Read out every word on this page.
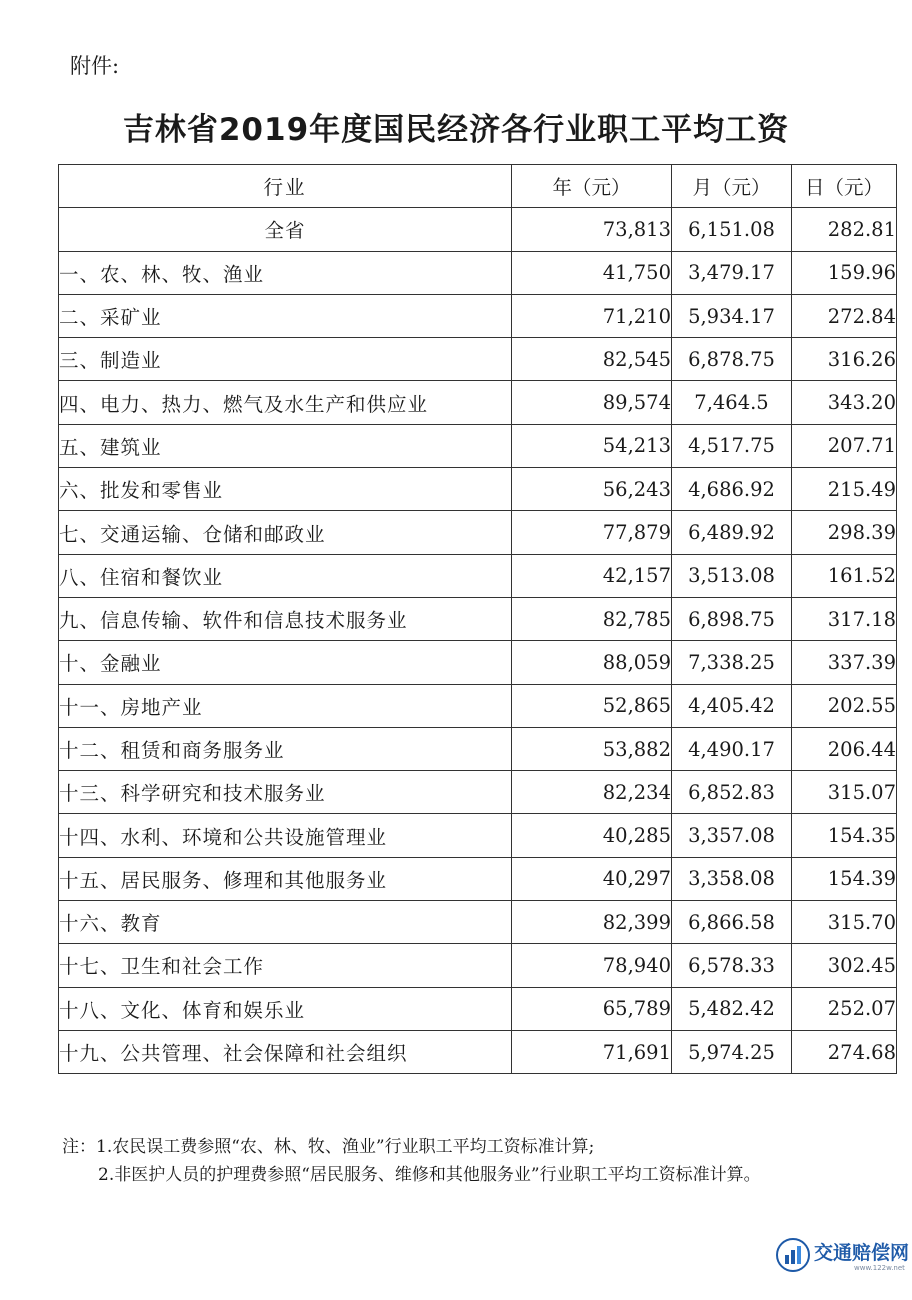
附件:
吉林省2019年度国民经济各行业职工平均工资
行业	年（元）	月（元）	日（元）
全省	73,813	6,151.08	282.81
一、农、林、牧、渔业	41,750	3,479.17	159.96
二、采矿业	71,210	5,934.17	272.84
三、制造业	82,545	6,878.75	316.26
四、电力、热力、燃气及水生产和供应业	89,574	7,464.5	343.20
五、建筑业	54,213	4,517.75	207.71
六、批发和零售业	56,243	4,686.92	215.49
七、交通运输、仓储和邮政业	77,879	6,489.92	298.39
八、住宿和餐饮业	42,157	3,513.08	161.52
九、信息传输、软件和信息技术服务业	82,785	6,898.75	317.18
十、金融业	88,059	7,338.25	337.39
十一、房地产业	52,865	4,405.42	202.55
十二、租赁和商务服务业	53,882	4,490.17	206.44
十三、科学研究和技术服务业	82,234	6,852.83	315.07
十四、水利、环境和公共设施管理业	40,285	3,357.08	154.35
十五、居民服务、修理和其他服务业	40,297	3,358.08	154.39
十六、教育	82,399	6,866.58	315.70
十七、卫生和社会工作	78,940	6,578.33	302.45
十八、文化、体育和娱乐业	65,789	5,482.42	252.07
十九、公共管理、社会保障和社会组织	71,691	5,974.25	274.68
注：1.农民误工费参照“农、林、牧、渔业”行业职工平均工资标准计算;
2.非医护人员的护理费参照“居民服务、维修和其他服务业”行业职工平均工资标准计算。
交通赔偿网
www.122w.net
